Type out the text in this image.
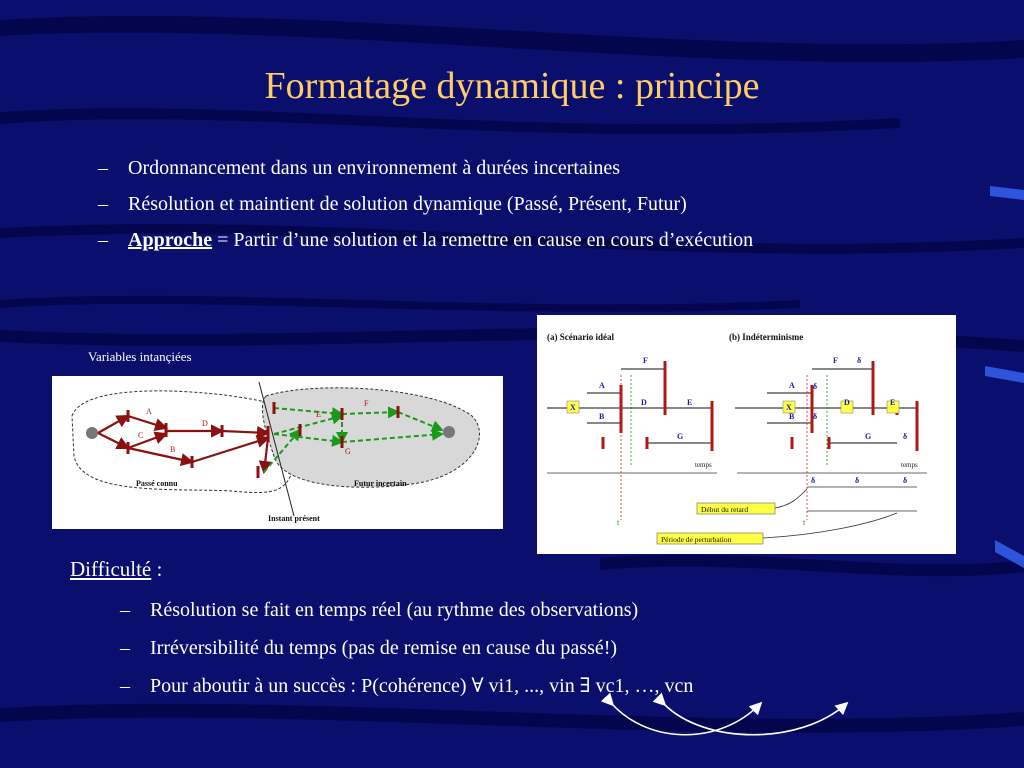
Formatage dynamique : principe
– Ordonnancement dans un environnement à durées incertaines
– Résolution et maintient de solution dynamique (Passé, Présent, Futur)
– Approche = Partir d’une solution et la remettre en cause en cours d’exécution
Variables intançiées
A
C
B
D
E
F
G
Passé connu	Futur incertain
Instant présent
(a) Scénario idéal	(b) Indéterminisme
X
A
B
D	E
F
G
X
A
B
D	E
F
G
δ
δ
δ
δ
δ	δ	δ
temps	temps
t	t
Début du retard
Période de perturbation
Difficulté :
– Résolution se fait en temps réel (au rythme des observations)
– Irréversibilité du temps (pas de remise en cause du passé!)
– Pour aboutir à un succès : P(cohérence) ∀ vi1, ..., vin ∃ vc1, …, vcn
